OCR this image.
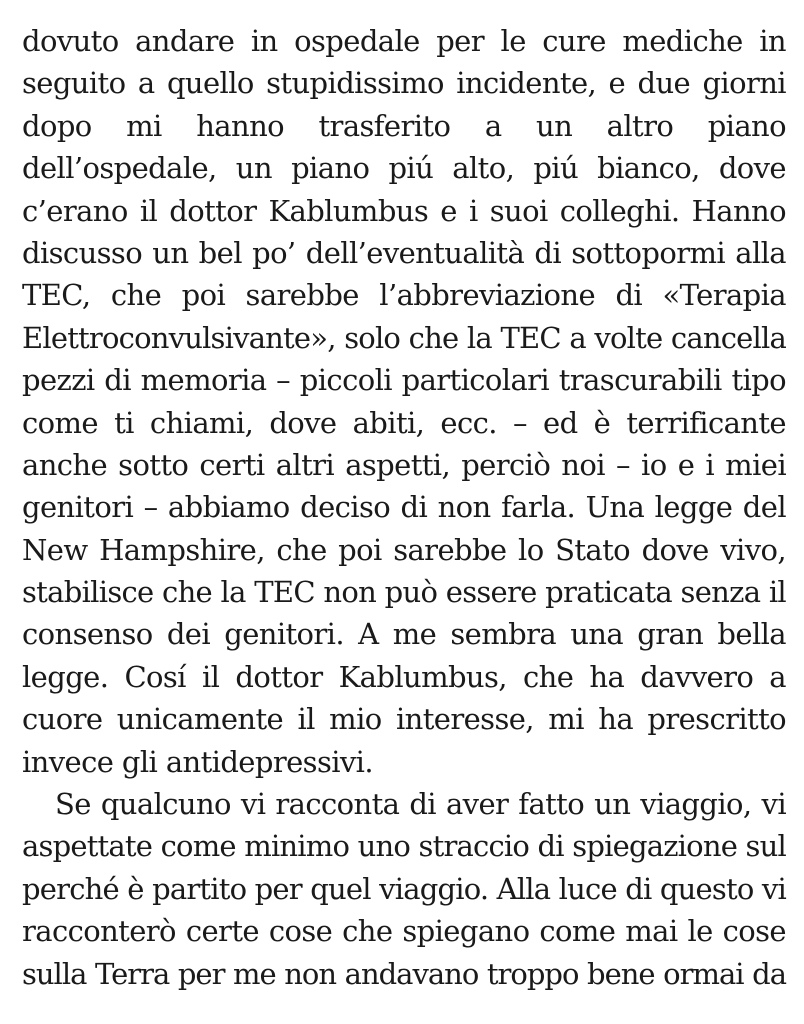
dovuto andare in ospedale per le cure mediche in
seguito a quello stupidissimo incidente, e due giorni
dopo mi hanno trasferito a un altro piano
dell’ospedale, un piano piú alto, piú bianco, dove
c’erano il dottor Kablumbus e i suoi colleghi. Hanno
discusso un bel po’ dell’eventualità di sottopormi alla
TEC, che poi sarebbe l’abbreviazione di «Terapia
Elettroconvulsivante», solo che la TEC a volte cancella
pezzi di memoria – piccoli particolari trascurabili tipo
come ti chiami, dove abiti, ecc. – ed è terrificante
anche sotto certi altri aspetti, perciò noi – io e i miei
genitori – abbiamo deciso di non farla. Una legge del
New Hampshire, che poi sarebbe lo Stato dove vivo,
stabilisce che la TEC non può essere praticata senza il
consenso dei genitori. A me sembra una gran bella
legge. Cosí il dottor Kablumbus, che ha davvero a
cuore unicamente il mio interesse, mi ha prescritto
invece gli antidepressivi.
Se qualcuno vi racconta di aver fatto un viaggio, vi
aspettate come minimo uno straccio di spiegazione sul
perché è partito per quel viaggio. Alla luce di questo vi
racconterò certe cose che spiegano come mai le cose
sulla Terra per me non andavano troppo bene ormai da
